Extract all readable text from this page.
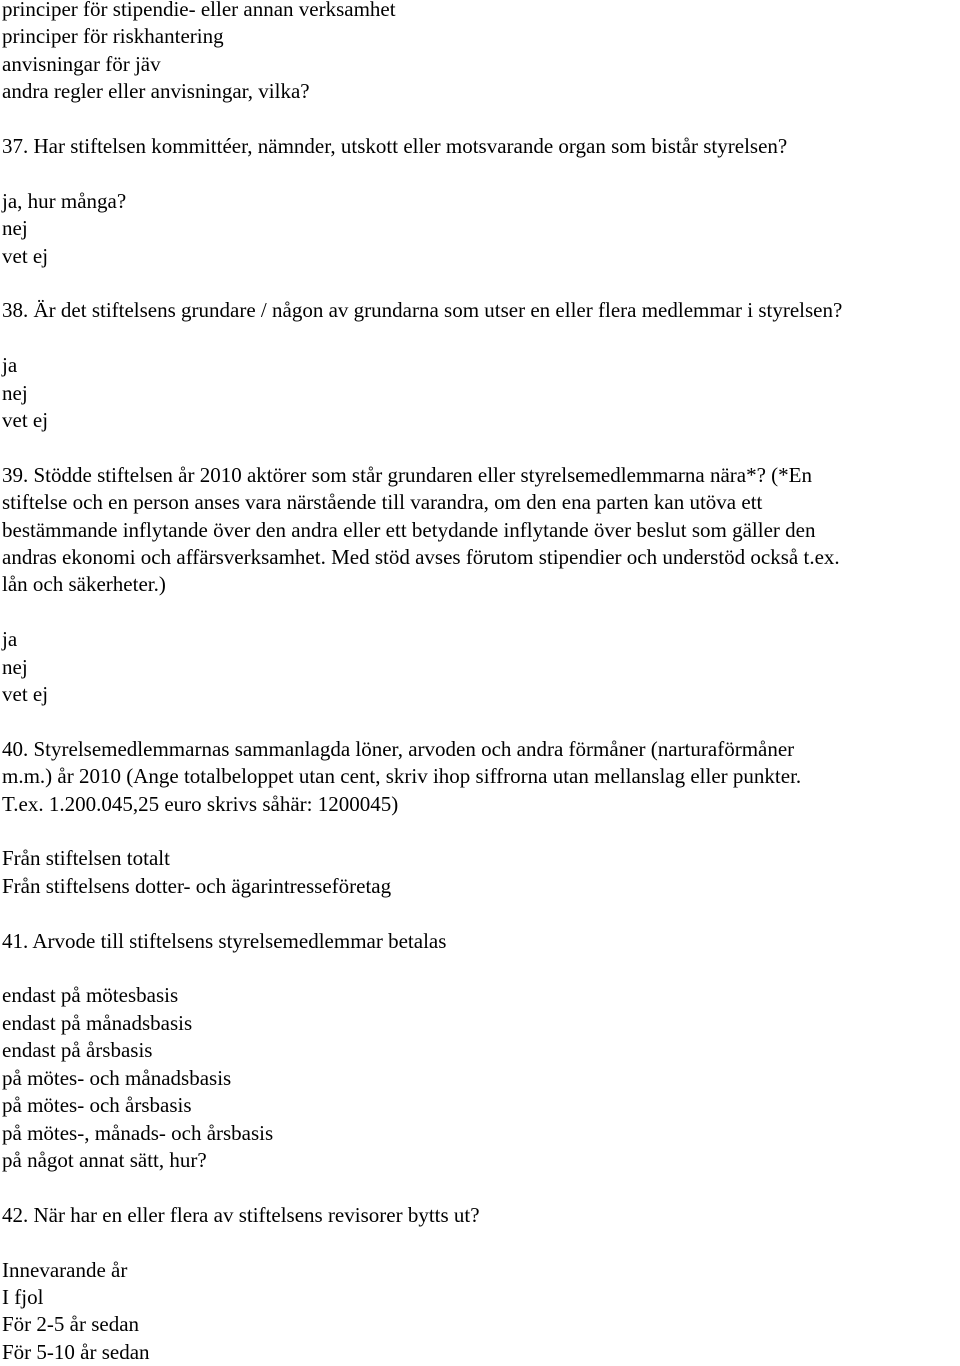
principer för stipendie- eller annan verksamhet
principer för riskhantering
anvisningar för jäv
andra regler eller anvisningar, vilka?
37. Har stiftelsen kommittéer, nämnder, utskott eller motsvarande organ som bistår styrelsen?
ja, hur många?
nej
vet ej
38. Är det stiftelsens grundare / någon av grundarna som utser en eller flera medlemmar i styrelsen?
ja
nej
vet ej
39. Stödde stiftelsen år 2010 aktörer som står grundaren eller styrelsemedlemmarna nära*? (*En
stiftelse och en person anses vara närstående till varandra, om den ena parten kan utöva ett
bestämmande inflytande över den andra eller ett betydande inflytande över beslut som gäller den
andras ekonomi och affärsverksamhet. Med stöd avses förutom stipendier och understöd också t.ex.
lån och säkerheter.)
ja
nej
vet ej
40. Styrelsemedlemmarnas sammanlagda löner, arvoden och andra förmåner (narturaförmåner
m.m.) år 2010 (Ange totalbeloppet utan cent, skriv ihop siffrorna utan mellanslag eller punkter.
T.ex. 1.200.045,25 euro skrivs såhär: 1200045)
Från stiftelsen totalt
Från stiftelsens dotter- och ägarintresseföretag
41. Arvode till stiftelsens styrelsemedlemmar betalas
endast på mötesbasis
endast på månadsbasis
endast på årsbasis
på mötes- och månadsbasis
på mötes- och årsbasis
på mötes-, månads- och årsbasis
på något annat sätt, hur?
42. När har en eller flera av stiftelsens revisorer bytts ut?
Innevarande år
I fjol
För 2-5 år sedan
För 5-10 år sedan
